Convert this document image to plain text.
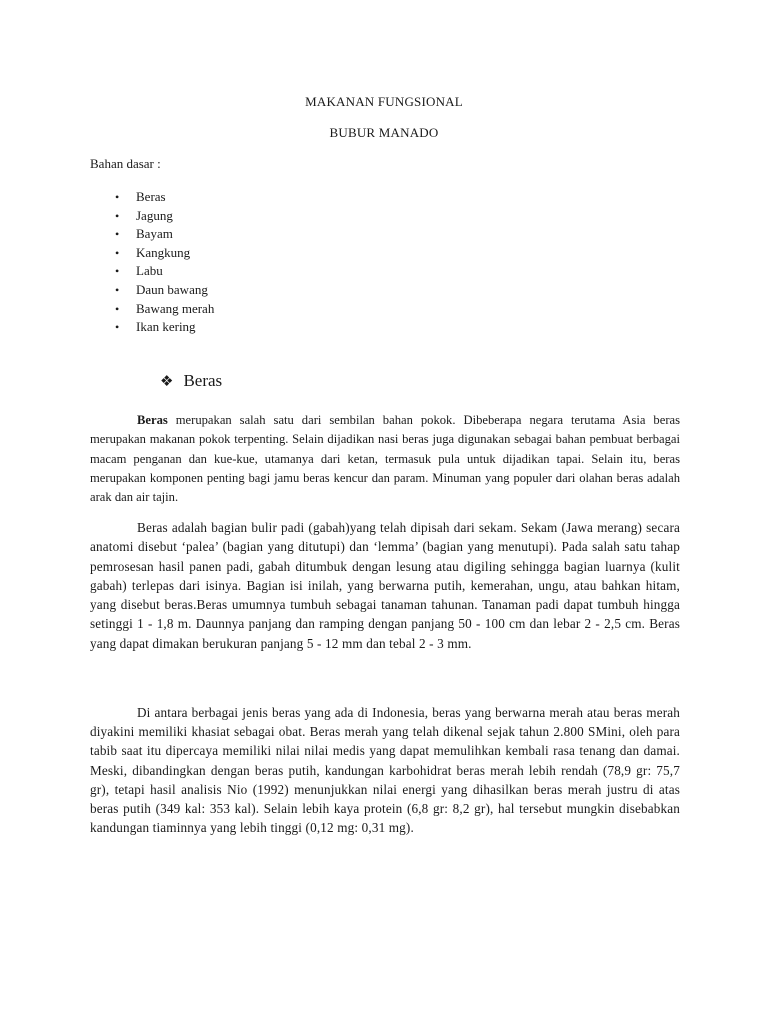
MAKANAN FUNGSIONAL
BUBUR MANADO
Bahan dasar :
• Beras
• Jagung
• Bayam
• Kangkung
• Labu
• Daun bawang
• Bawang merah
• Ikan kering
❖ Beras

Beras merupakan salah satu dari sembilan bahan pokok. Dibeberapa negara terutama Asia beras merupakan makanan pokok terpenting. Selain dijadikan nasi beras juga digunakan sebagai bahan pembuat berbagai macam penganan dan kue-kue, utamanya dari ketan, termasuk pula untuk dijadikan tapai. Selain itu, beras merupakan komponen penting bagi jamu beras kencur dan param. Minuman yang populer dari olahan beras adalah arak dan air tajin.

Beras adalah bagian bulir padi (gabah)yang telah dipisah dari sekam. Sekam (Jawa merang) secara anatomi disebut ‘palea’ (bagian yang ditutupi) dan ‘lemma’ (bagian yang menutupi). Pada salah satu tahap pemrosesan hasil panen padi, gabah ditumbuk dengan lesung atau digiling sehingga bagian luarnya (kulit gabah) terlepas dari isinya. Bagian isi inilah, yang berwarna putih, kemerahan, ungu, atau bahkan hitam, yang disebut beras.Beras umumnya tumbuh sebagai tanaman tahunan. Tanaman padi dapat tumbuh hingga setinggi 1 - 1,8 m. Daunnya panjang dan ramping dengan panjang 50 - 100 cm dan lebar 2 - 2,5 cm. Beras yang dapat dimakan berukuran panjang 5 - 12 mm dan tebal 2 - 3 mm.

Di antara berbagai jenis beras yang ada di Indonesia, beras yang berwarna merah atau beras merah diyakini memiliki khasiat sebagai obat. Beras merah yang telah dikenal sejak tahun 2.800 SMini, oleh para tabib saat itu dipercaya memiliki nilai nilai medis yang dapat memulihkan kembali rasa tenang dan damai. Meski, dibandingkan dengan beras putih, kandungan karbohidrat beras merah lebih rendah (78,9 gr: 75,7 gr), tetapi hasil analisis Nio (1992) menunjukkan nilai energi yang dihasilkan beras merah justru di atas beras putih (349 kal: 353 kal). Selain lebih kaya protein (6,8 gr: 8,2 gr), hal tersebut mungkin disebabkan kandungan tiaminnya yang lebih tinggi (0,12 mg: 0,31 mg).
